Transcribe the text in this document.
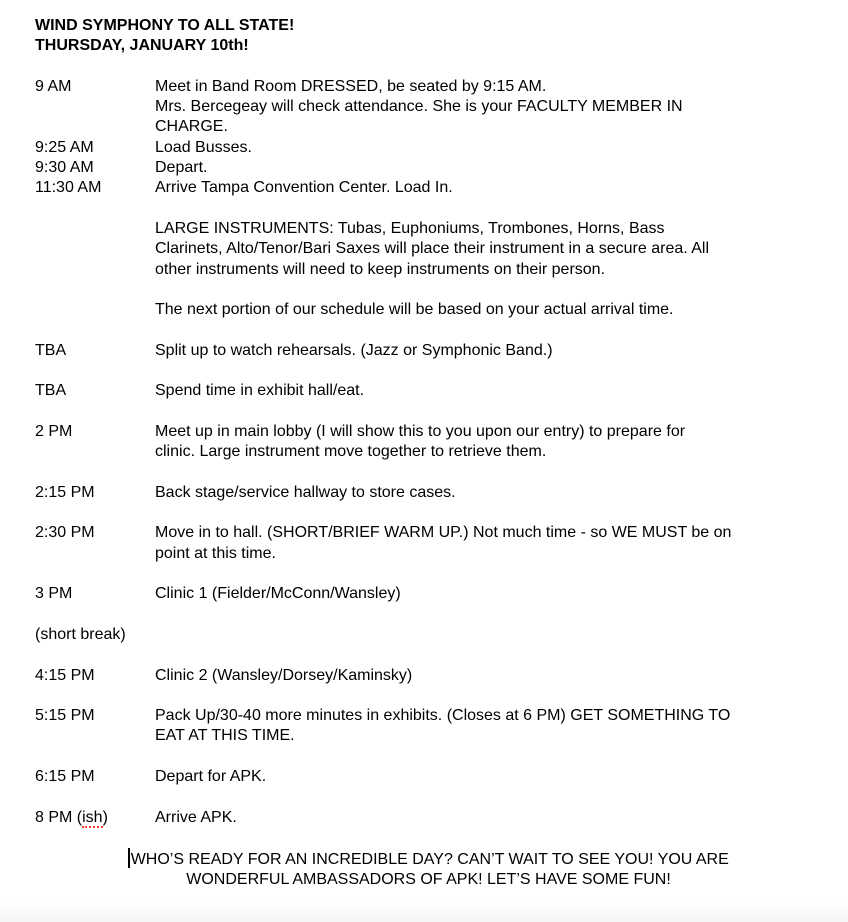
WIND SYMPHONY TO ALL STATE!
THURSDAY, JANUARY 10th!
9 AM	Meet in Band Room DRESSED, be seated by 9:15 AM.
Mrs. Bercegeay will check attendance. She is your FACULTY MEMBER IN
CHARGE.
9:25 AM	Load Busses.
9:30 AM	Depart.
11:30 AM	Arrive Tampa Convention Center. Load In.
LARGE INSTRUMENTS: Tubas, Euphoniums, Trombones, Horns, Bass
Clarinets, Alto/Tenor/Bari Saxes will place their instrument in a secure area. All
other instruments will need to keep instruments on their person.
The next portion of our schedule will be based on your actual arrival time.
TBA	Split up to watch rehearsals. (Jazz or Symphonic Band.)
TBA	Spend time in exhibit hall/eat.
2 PM	Meet up in main lobby (I will show this to you upon our entry) to prepare for
clinic. Large instrument move together to retrieve them.
2:15 PM	Back stage/service hallway to store cases.
2:30 PM	Move in to hall. (SHORT/BRIEF WARM UP.) Not much time - so WE MUST be on
point at this time.
3 PM	Clinic 1 (Fielder/McConn/Wansley)
(short break)
4:15 PM	Clinic 2 (Wansley/Dorsey/Kaminsky)
5:15 PM	Pack Up/30-40 more minutes in exhibits. (Closes at 6 PM) GET SOMETHING TO
EAT AT THIS TIME.
6:15 PM	Depart for APK.
8 PM (ish)	Arrive APK.
WHO’S READY FOR AN INCREDIBLE DAY? CAN’T WAIT TO SEE YOU! YOU ARE
WONDERFUL AMBASSADORS OF APK! LET’S HAVE SOME FUN!
